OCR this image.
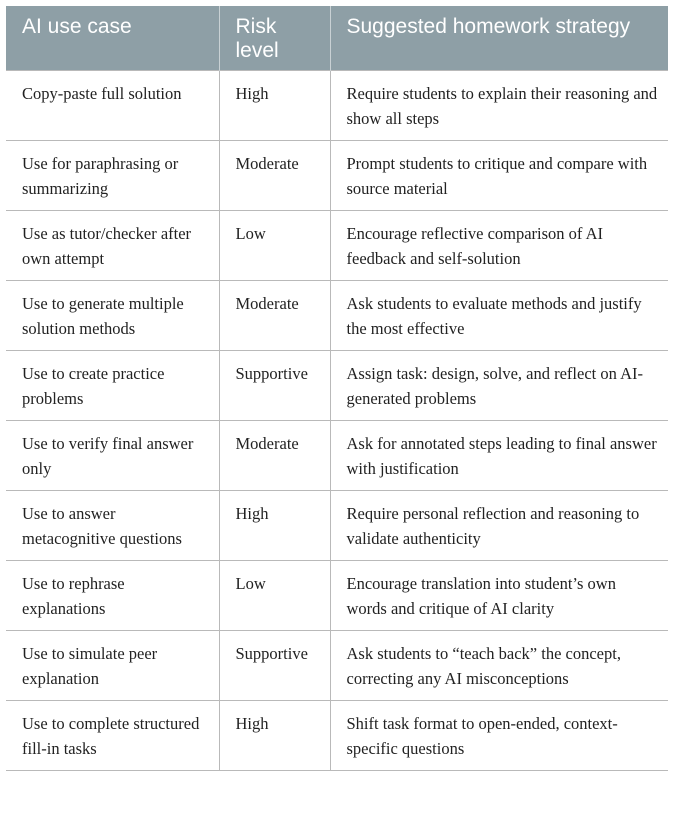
AI use case	Risk level	Suggested homework strategy
Copy-paste full solution	High	Require students to explain their reasoning and show all steps
Use for paraphrasing or summarizing	Moderate	Prompt students to critique and compare with source material
Use as tutor/checker after own attempt	Low	Encourage reflective comparison of AI feedback and self-solution
Use to generate multiple solution methods	Moderate	Ask students to evaluate methods and justify the most effective
Use to create practice problems	Supportive	Assign task: design, solve, and reflect on AI-generated problems
Use to verify final answer only	Moderate	Ask for annotated steps leading to final answer with justification
Use to answer metacognitive questions	High	Require personal reflection and reasoning to validate authenticity
Use to rephrase explanations	Low	Encourage translation into student’s own words and critique of AI clarity
Use to simulate peer explanation	Supportive	Ask students to “teach back” the concept, correcting any AI misconceptions
Use to complete structured fill-in tasks	High	Shift task format to open-ended, context-specific questions
